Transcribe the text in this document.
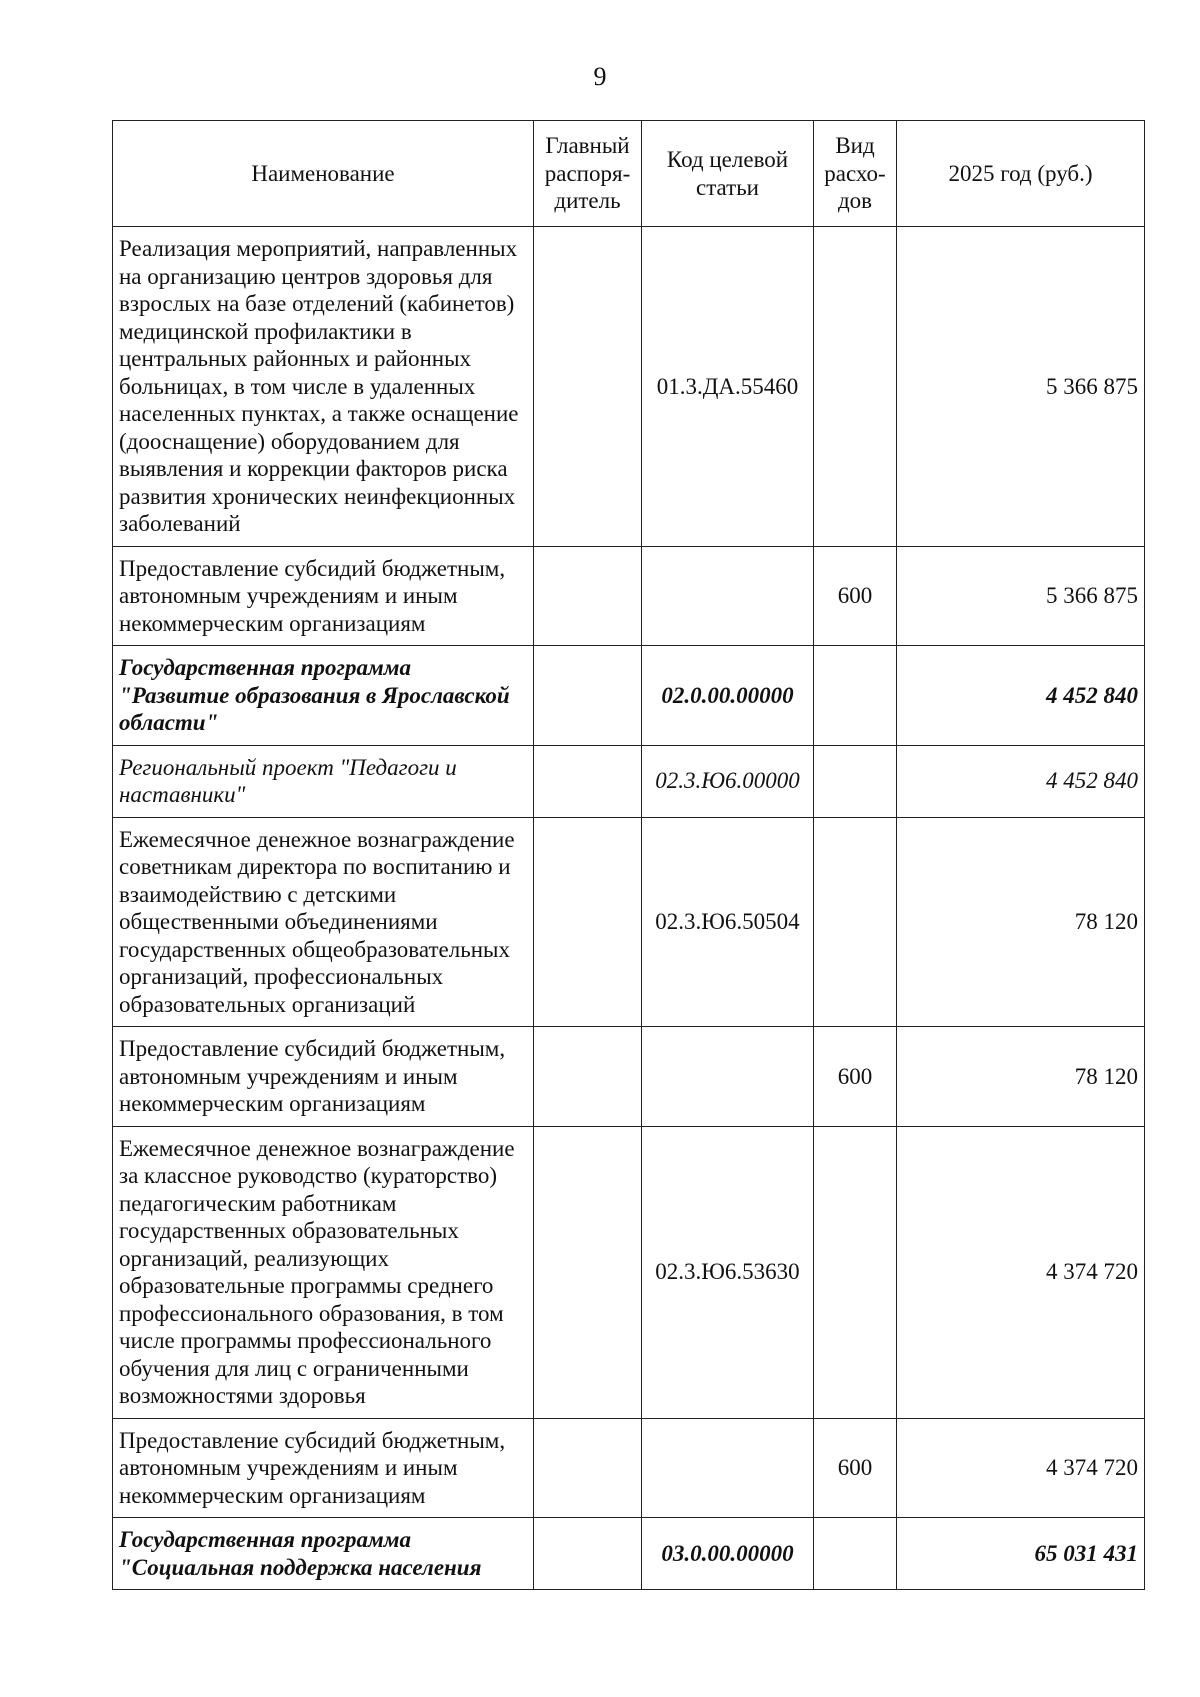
9
Наименование	Главный распоря-дитель	Код целевой статьи	Вид расхо-дов	2025 год (руб.)
Реализация мероприятий, направленных на организацию центров здоровья для взрослых на базе отделений (кабинетов) медицинской профилактики в центральных районных и районных больницах, в том числе в удаленных населенных пунктах, а также оснащение (дооснащение) оборудованием для выявления и коррекции факторов риска развития хронических неинфекционных заболеваний		01.3.ДА.55460		5 366 875
Предоставление субсидий бюджетным, автономным учреждениям и иным некоммерческим организациям			600	5 366 875
Государственная программа "Развитие образования в Ярославской области"		02.0.00.00000		4 452 840
Региональный проект "Педагоги и наставники"		02.3.Ю6.00000		4 452 840
Ежемесячное денежное вознаграждение советникам директора по воспитанию и взаимодействию с детскими общественными объединениями государственных общеобразовательных организаций, профессиональных образовательных организаций		02.3.Ю6.50504		78 120
Предоставление субсидий бюджетным, автономным учреждениям и иным некоммерческим организациям			600	78 120
Ежемесячное денежное вознаграждение за классное руководство (кураторство) педагогическим работникам государственных образовательных организаций, реализующих образовательные программы среднего профессионального образования, в том числе программы профессионального обучения для лиц с ограниченными возможностями здоровья		02.3.Ю6.53630		4 374 720
Предоставление субсидий бюджетным, автономным учреждениям и иным некоммерческим организациям			600	4 374 720
Государственная программа "Социальная поддержка населения		03.0.00.00000		65 031 431
